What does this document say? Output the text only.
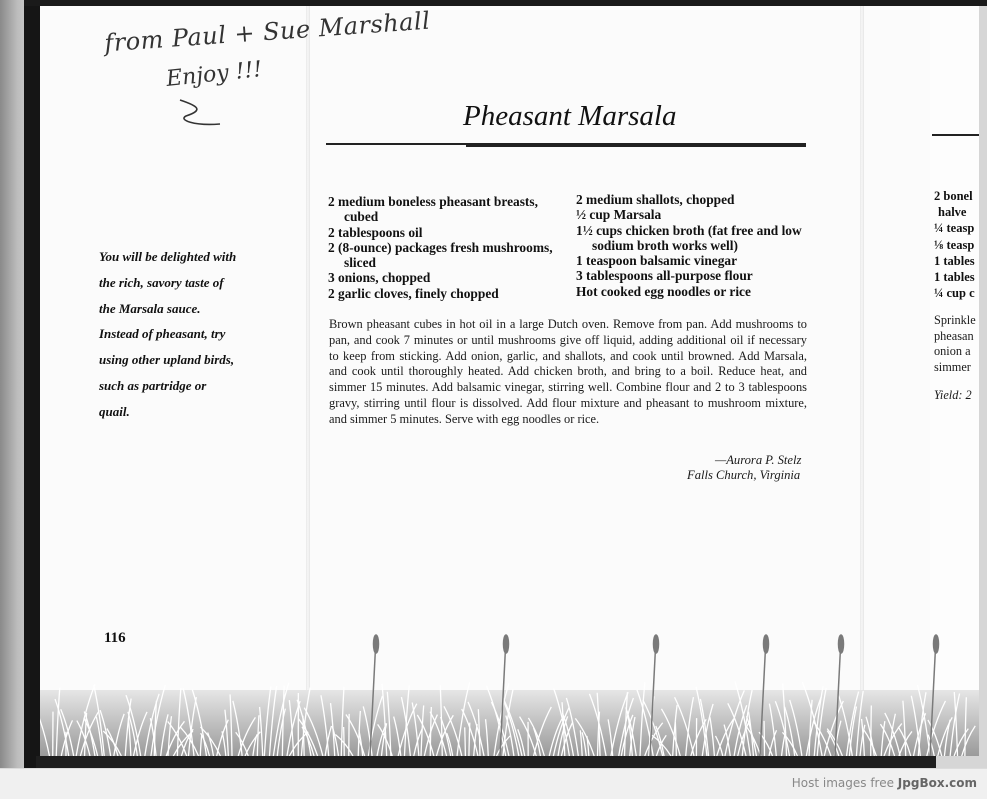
from Paul + Sue Marshall
Enjoy !!!
Pheasant Marsala

You will be delighted with the rich, savory taste of the Marsala sauce. Instead of pheasant, try using other upland birds, such as partridge or quail.

2 medium boneless pheasant breasts, cubed
2 tablespoons oil
2 (8-ounce) packages fresh mushrooms, sliced
3 onions, chopped
2 garlic cloves, finely chopped
2 medium shallots, chopped
½ cup Marsala
1½ cups chicken broth (fat free and low sodium broth works well)
1 teaspoon balsamic vinegar
3 tablespoons all-purpose flour
Hot cooked egg noodles or rice

Brown pheasant cubes in hot oil in a large Dutch oven. Remove from pan. Add mushrooms to pan, and cook 7 minutes or until mushrooms give off liquid, adding additional oil if necessary to keep from sticking. Add onion, garlic, and shallots, and cook until browned. Add Marsala, and cook until thoroughly heated. Add chicken broth, and bring to a boil. Reduce heat, and simmer 15 minutes. Add balsamic vinegar, stirring well. Combine flour and 2 to 3 tablespoons gravy, stirring until flour is dissolved. Add flour mixture and pheasant to mushroom mixture, and simmer 5 minutes. Serve with egg noodles or rice.

—Aurora P. Stelz
Falls Church, Virginia
116
2 bonel
halve
¼ teasp
⅛ teasp
1 tables
1 tables
¼ cup c
Sprinkle
pheasan
onion a
simmer
Yield: 2
Host images free JpgBox.com
